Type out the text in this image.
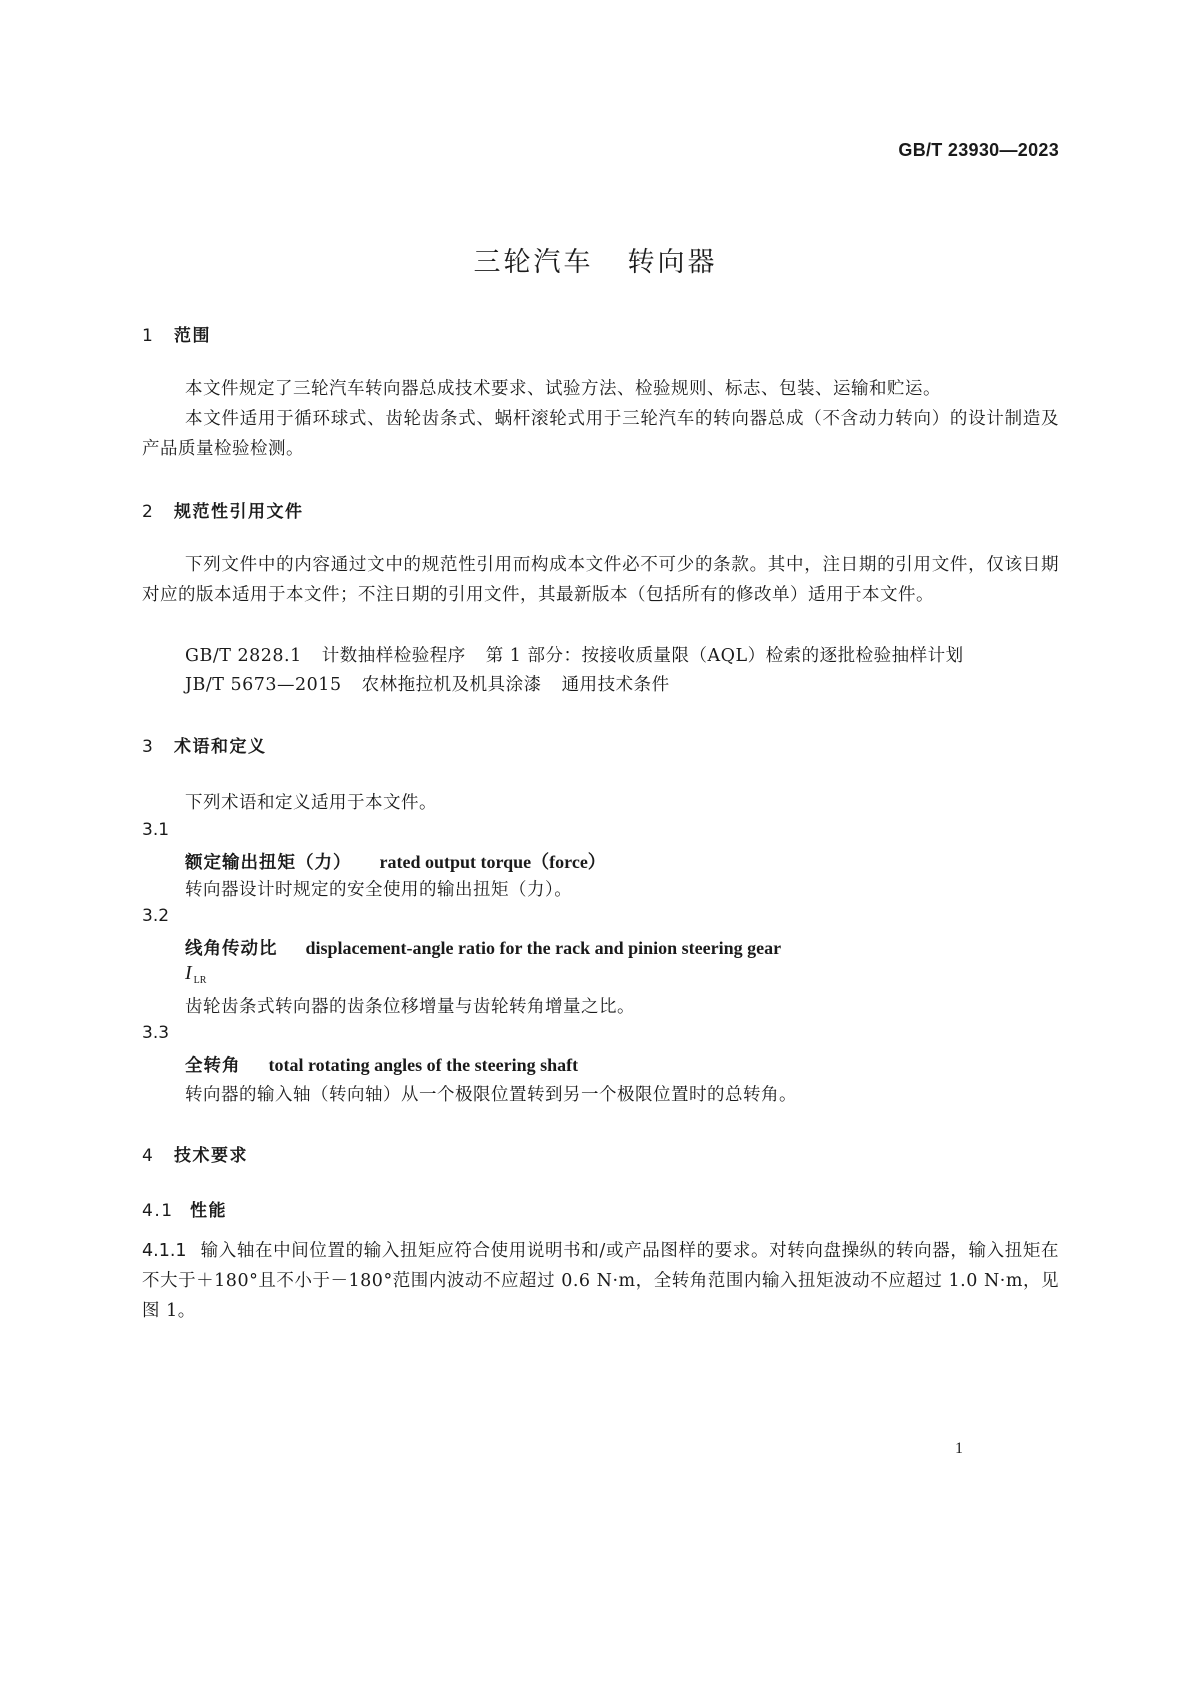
GB/T 23930—2023
三轮汽车 转向器
1 范围
本文件规定了三轮汽车转向器总成技术要求、试验方法、检验规则、标志、包装、运输和贮运。
本文件适用于循环球式、齿轮齿条式、蜗杆滚轮式用于三轮汽车的转向器总成（不含动力转向）的设计制造及产品质量检验检测。
2 规范性引用文件
下列文件中的内容通过文中的规范性引用而构成本文件必不可少的条款。其中，注日期的引用文件，仅该日期对应的版本适用于本文件；不注日期的引用文件，其最新版本（包括所有的修改单）适用于本文件。
GB/T 2828.1 计数抽样检验程序 第 1 部分：按接收质量限（AQL）检索的逐批检验抽样计划
JB/T 5673—2015 农林拖拉机及机具涂漆 通用技术条件
3 术语和定义
下列术语和定义适用于本文件。
3.1
额定输出扭矩（力） rated output torque（force）
转向器设计时规定的安全使用的输出扭矩（力）。
3.2
线角传动比 displacement-angle ratio for the rack and pinion steering gear
I $_{LR}$
齿轮齿条式转向器的齿条位移增量与齿轮转角增量之比。
3.3
全转角 total rotating angles of the steering shaft
转向器的输入轴（转向轴）从一个极限位置转到另一个极限位置时的总转角。
4 技术要求
4.1 性能
4.1.1 输入轴在中间位置的输入扭矩应符合使用说明书和/或产品图样的要求。对转向盘操纵的转向器，输入扭矩在不大于＋180°且不小于－180°范围内波动不应超过 0.6 N·m，全转角范围内输入扭矩波动不应超过 1.0 N·m，见图 1。
1
